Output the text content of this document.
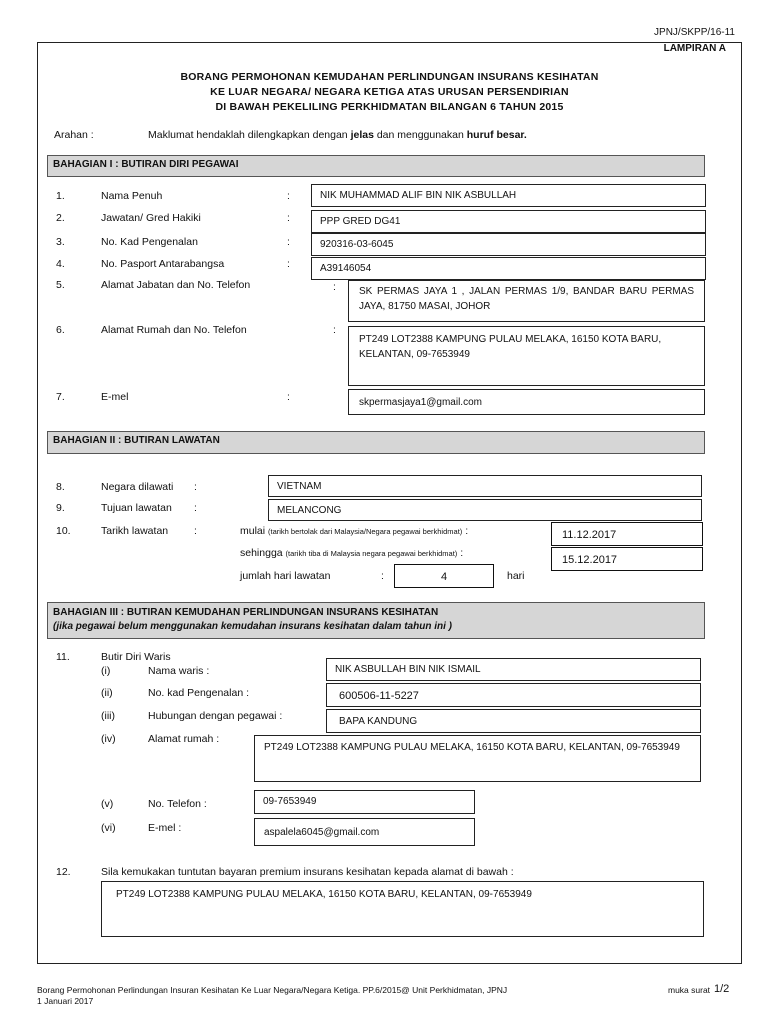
JPNJ/SKPP/16-11
LAMPIRAN A
BORANG PERMOHONAN KEMUDAHAN PERLINDUNGAN INSURANS KESIHATAN
KE LUAR NEGARA/ NEGARA KETIGA ATAS URUSAN PERSENDIRIAN
DI BAWAH PEKELILING PERKHIDMATAN BILANGAN 6 TAHUN 2015
Arahan :	Maklumat hendaklah dilengkapkan dengan jelas dan menggunakan huruf besar.
BAHAGIAN I : BUTIRAN DIRI PEGAWAI
1.	Nama Penuh	:	NIK MUHAMMAD ALIF BIN NIK ASBULLAH
2.	Jawatan/ Gred Hakiki	:	PPP GRED DG41
3.	No. Kad Pengenalan	:	920316-03-6045
4.	No. Pasport Antarabangsa	:	A39146054
5.	Alamat Jabatan dan No. Telefon	:	SK PERMAS JAYA 1 , JALAN PERMAS 1/9, BANDAR BARU PERMAS JAYA, 81750 MASAI, JOHOR
6.	Alamat Rumah dan No. Telefon	:
PT249 LOT2388 KAMPUNG PULAU MELAKA, 16150 KOTA BARU, KELANTAN, 09-7653949
7.	E-mel	:	skpermasjaya1@gmail.com
BAHAGIAN II : BUTIRAN LAWATAN
8.	Negara dilawati :	VIETNAM
9.	Tujuan lawatan :	MELANCONG
10.	Tarikh lawatan :	mulai (tarikh bertolak dari Malaysia/Negara pegawai berkhidmat) :	11.12.2017
sehingga (tarikh tiba di Malaysia negara pegawai berkhidmat) :
15.12.2017
jumlah hari lawatan	:	4	hari
BAHAGIAN III : BUTIRAN KEMUDAHAN PERLINDUNGAN INSURANS KESIHATAN
(jika pegawai belum menggunakan kemudahan insurans kesihatan dalam tahun ini )
11.	Butir Diri Waris
(i)	Nama waris :	NIK ASBULLAH BIN NIK ISMAIL
(ii)	No. kad Pengenalan :	600506-11-5227
(iii)	Hubungan dengan pegawai :	BAPA KANDUNG
(iv)	Alamat rumah :
PT249 LOT2388 KAMPUNG PULAU MELAKA, 16150 KOTA BARU, KELANTAN, 09-7653949
(v)	No. Telefon :	09-7653949
(vi)	E-mel :	aspalela6045@gmail.com
12.	Sila kemukakan tuntutan bayaran premium insurans kesihatan kepada alamat di bawah :
PT249 LOT2388 KAMPUNG PULAU MELAKA, 16150 KOTA BARU, KELANTAN, 09-7653949
Borang Permohonan Perlindungan Insuran Kesihatan Ke Luar Negara/Negara Ketiga. PP.6/2015@ Unit Perkhidmatan, JPNJ
1 Januari 2017
muka surat 1/2
